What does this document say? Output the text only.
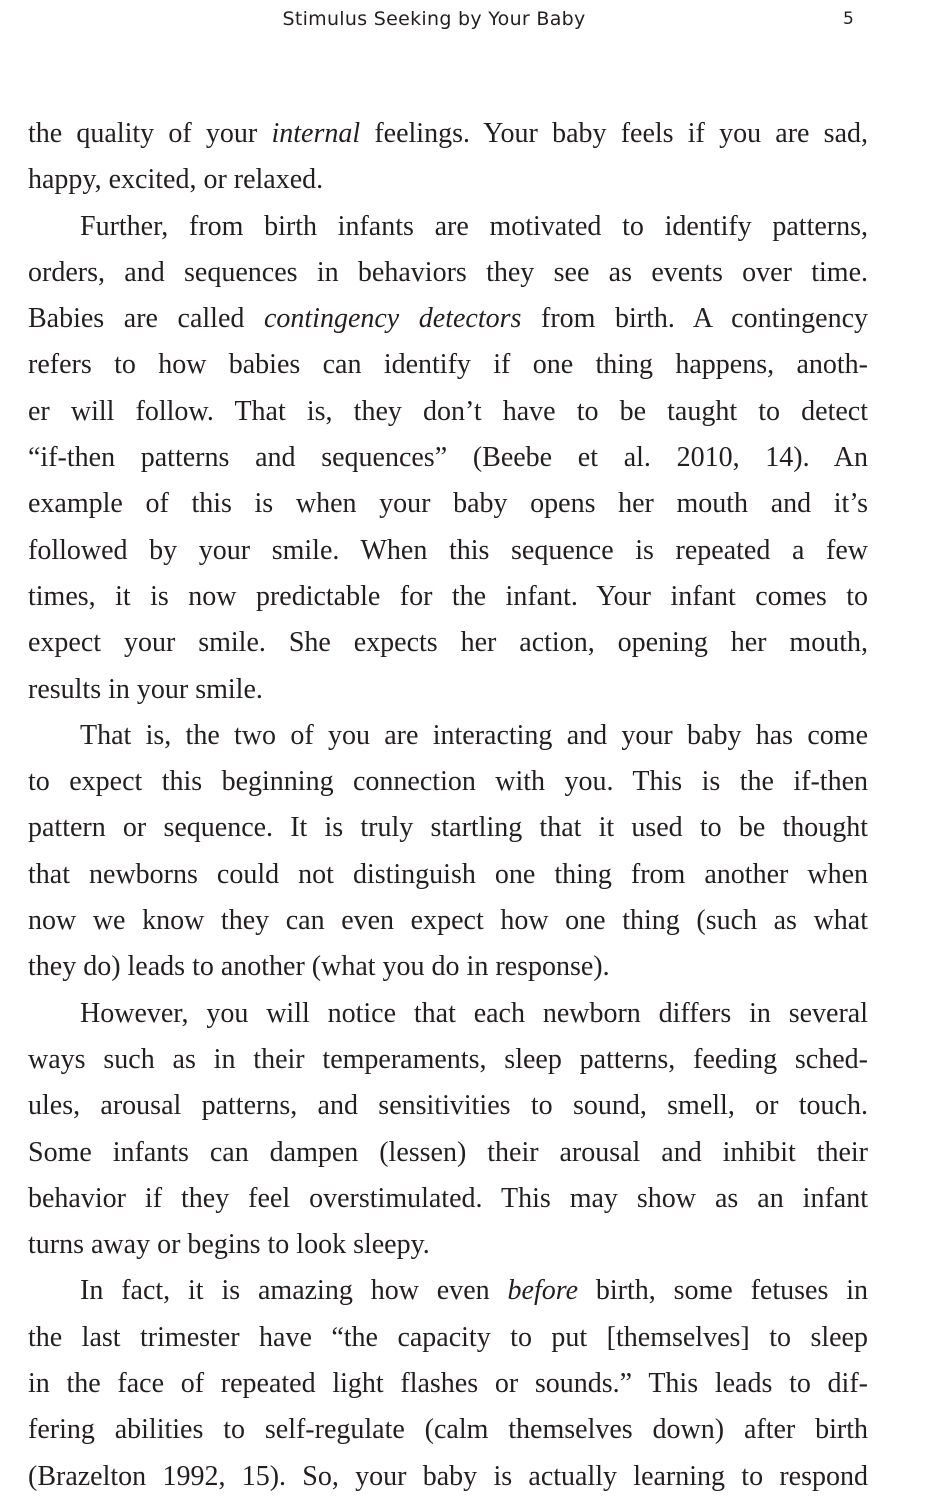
Stimulus Seeking by Your Baby	5
the quality of your internal feelings. Your baby feels if you are sad,
happy, excited, or relaxed.
Further, from birth infants are motivated to identify patterns,
orders, and sequences in behaviors they see as events over time.
Babies are called contingency detectors from birth. A contingency
refers to how babies can identify if one thing happens, anoth-
er will follow. That is, they don’t have to be taught to detect
“if-then patterns and sequences” (Beebe et al. 2010, 14). An
example of this is when your baby opens her mouth and it’s
followed by your smile. When this sequence is repeated a few
times, it is now predictable for the infant. Your infant comes to
expect your smile. She expects her action, opening her mouth,
results in your smile.
That is, the two of you are interacting and your baby has come
to expect this beginning connection with you. This is the if-then
pattern or sequence. It is truly startling that it used to be thought
that newborns could not distinguish one thing from another when
now we know they can even expect how one thing (such as what
they do) leads to another (what you do in response).
However, you will notice that each newborn differs in several
ways such as in their temperaments, sleep patterns, feeding sched-
ules, arousal patterns, and sensitivities to sound, smell, or touch.
Some infants can dampen (lessen) their arousal and inhibit their
behavior if they feel overstimulated. This may show as an infant
turns away or begins to look sleepy.
In fact, it is amazing how even before birth, some fetuses in
the last trimester have “the capacity to put [themselves] to sleep
in the face of repeated light flashes or sounds.” This leads to dif-
fering abilities to self-regulate (calm themselves down) after birth
(Brazelton 1992, 15). So, your baby is actually learning to respond
